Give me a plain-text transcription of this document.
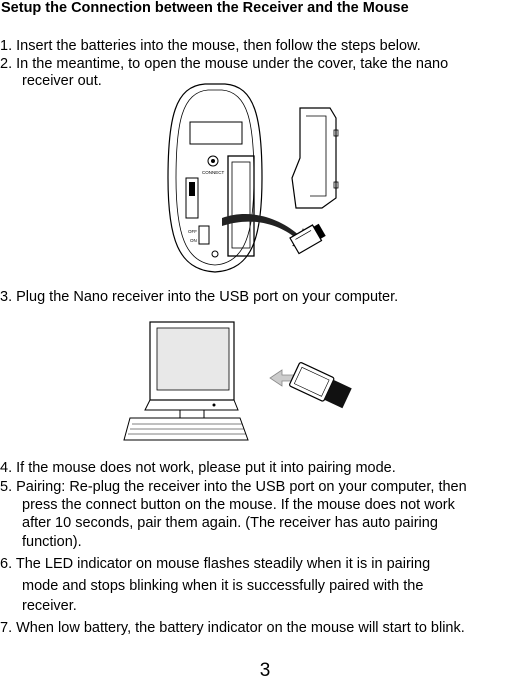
Setup the Connection between the Receiver and the Mouse
1. Insert the batteries into the mouse, then follow the steps below.
2. In the meantime, to open the mouse under the cover, take the nano
receiver out.
CONNECT
OFF
ON
3. Plug the Nano receiver into the USB port on your computer.
4. If the mouse does not work, please put it into pairing mode.
5. Pairing: Re-plug the receiver into the USB port on your computer, then
press the connect button on the mouse. If the mouse does not work
after 10 seconds, pair them again. (The receiver has auto pairing
function).
6. The LED indicator on mouse flashes steadily when it is in pairing
mode and stops blinking when it is successfully paired with the
receiver.
7. When low battery, the battery indicator on the mouse will start to blink.
3
